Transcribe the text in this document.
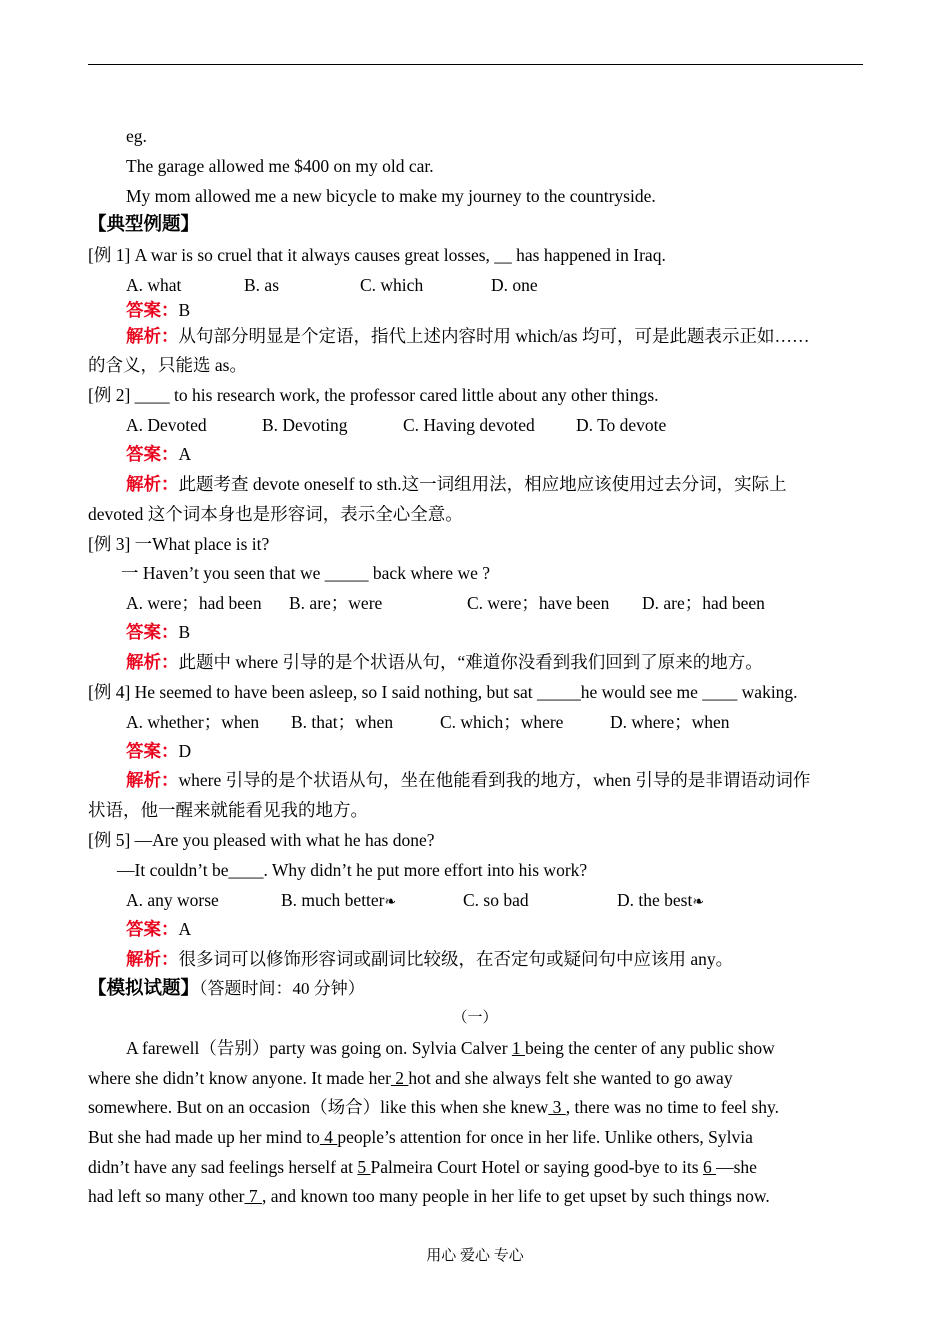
eg.
The garage allowed me $400 on my old car.
My mom allowed me a new bicycle to make my journey to the countryside.
【典型例题】
[例 1] A war is so cruel that it always causes great losses, __ has happened in Iraq.
A. what	B. as	C. which	D. one
答案：B
解析：从句部分明显是个定语，指代上述内容时用 which/as 均可，可是此题表示正如……
的含义，只能选 as。
[例 2] ____ to his research work, the professor cared little about any other things.
A. Devoted	B. Devoting	C. Having devoted D. To devote
答案：A
解析：此题考查 devote oneself to sth.这一词组用法，相应地应该使用过去分词，实际上
devoted 这个词本身也是形容词，表示全心全意。
[例 3] 一What place is it?
一 Haven’t you seen that we _____ back where we ?
A. were；had been B. are；were	C. were；have been D. are；had been
答案：B
解析：此题中 where 引导的是个状语从句，“难道你没看到我们回到了原来的地方。
[例 4] He seemed to have been asleep, so I said nothing, but sat _____he would see me ____ waking.
A. whether；when B. that；when	C. which；where	D. where；when
答案：D
解析：where 引导的是个状语从句，坐在他能看到我的地方，when 引导的是非谓语动词作
状语，他一醒来就能看见我的地方。
[例 5] —Are you pleased with what he has done?
—It couldn’t be____. Why didn’t he put more effort into his work?
A. any worse	B. much better❧	C. so bad	D. the best❧
答案：A
解析：很多词可以修饰形容词或副词比较级，在否定句或疑问句中应该用 any。
【模拟试题】（答题时间：40 分钟）
（一）
A farewell（告别）party was going on. Sylvia Calver 1 being the center of any public show
where she didn’t know anyone. It made her 2 hot and she always felt she wanted to go away
somewhere. But on an occasion（场合）like this when she knew 3 , there was no time to feel shy.
But she had made up her mind to 4 people’s attention for once in her life. Unlike others, Sylvia
didn’t have any sad feelings herself at 5 Palmeira Court Hotel or saying good-bye to its 6 —she
had left so many other 7 , and known too many people in her life to get upset by such things now.
用心 爱心 专心
